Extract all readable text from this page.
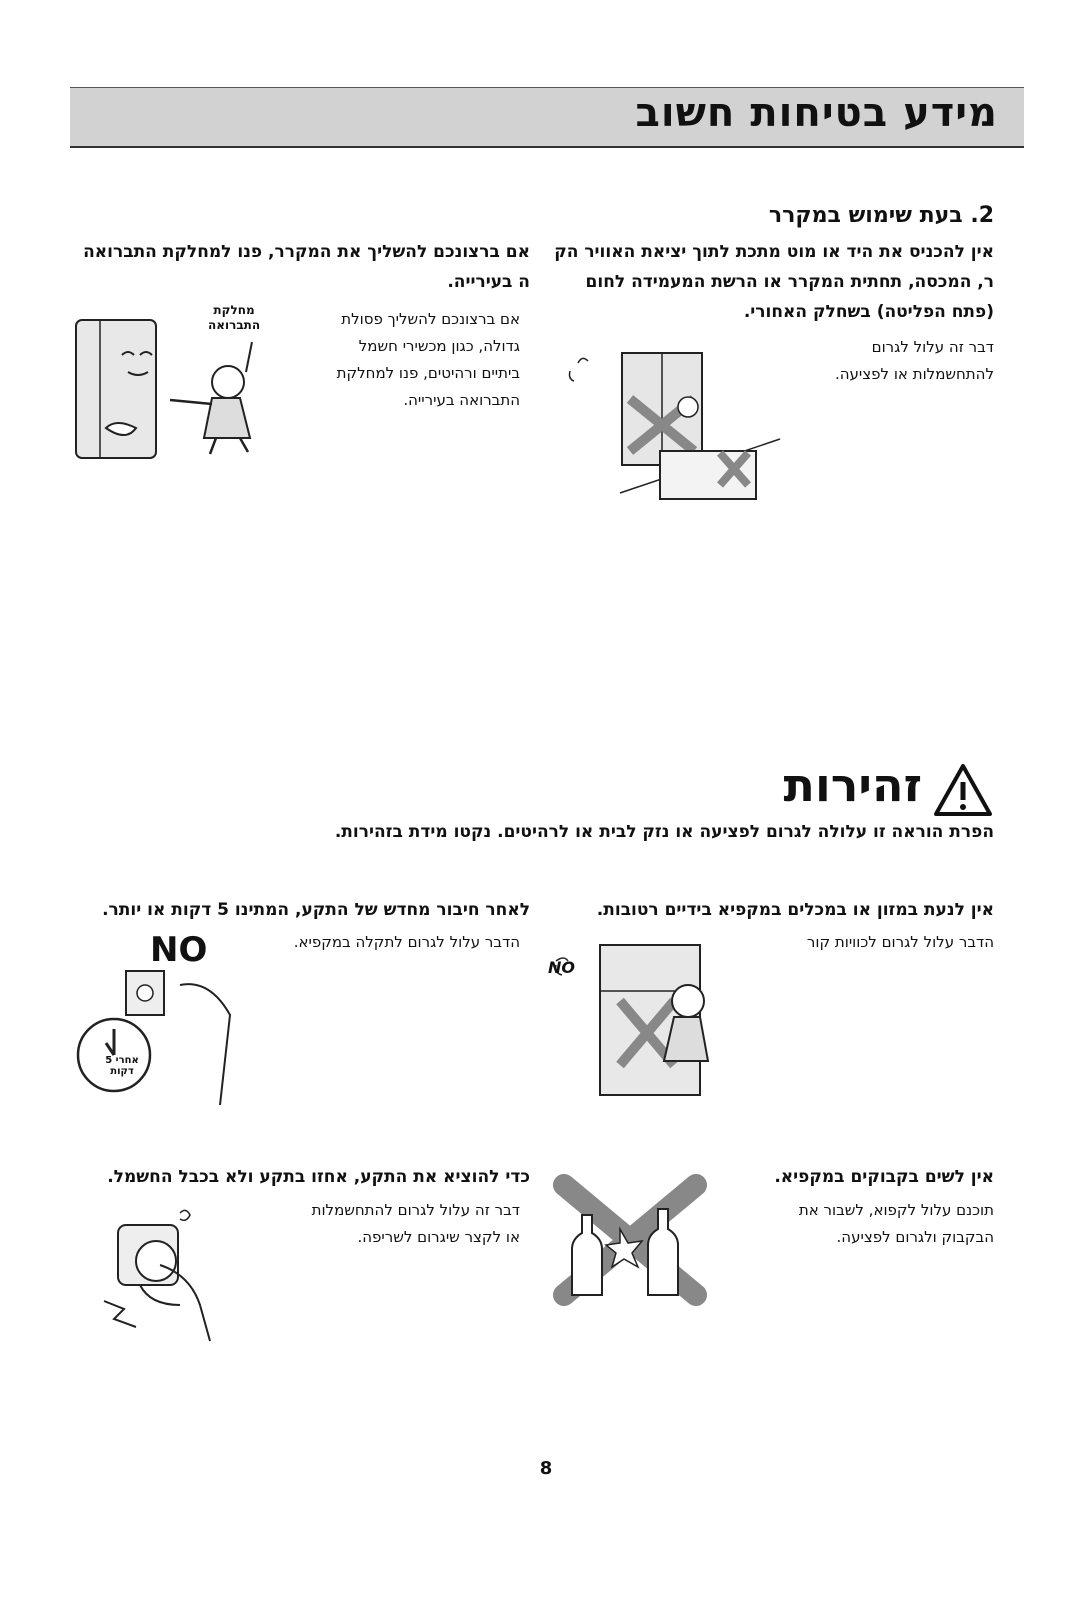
מידע בטיחות חשוב
2. בעת שימוש במקרר
אין להכניס את היד או מוט מתכת לתוך יציאת האוויר הק
ר, המכסה, תחתית המקרר או הרשת המעמידה לחום
(פתח הפליטה) בשחלק האחורי.
דבר זה עלול לגרום
להתחשמלות או לפציעה.
אם ברצונכם להשליך את המקרר, פנו למחלקת התברואה
ה בעירייה.
אם ברצונכם להשליך פסולת
גדולה, כגון מכשירי חשמל
ביתיים ורהיטים, פנו למחלקת
התברואה בעירייה.
מחלקת
התברואה
זהירות
הפרת הוראה זו עלולה לגרום לפציעה או נזק לבית או לרהיטים. נקטו מידת בזהירות.
אין לנעת במזון או במכלים במקפיא בידיים רטובות.
הדבר עלול לגרום לכוויות קור
NO
לאחר חיבור מחדש של התקע, המתינו 5 דקות או יותר.
הדבר עלול לגרום לתקלה במקפיא.
NO
אחרי 5 דקות
אין לשים בקבוקים במקפיא.
תוכנם עלול לקפוא, לשבור את
הבקבוק ולגרום לפציעה.
כדי להוציא את התקע, אחזו בתקע ולא בכבל החשמל.
דבר זה עלול לגרום להתחשמלות
או לקצר שיגרום לשריפה.
8
